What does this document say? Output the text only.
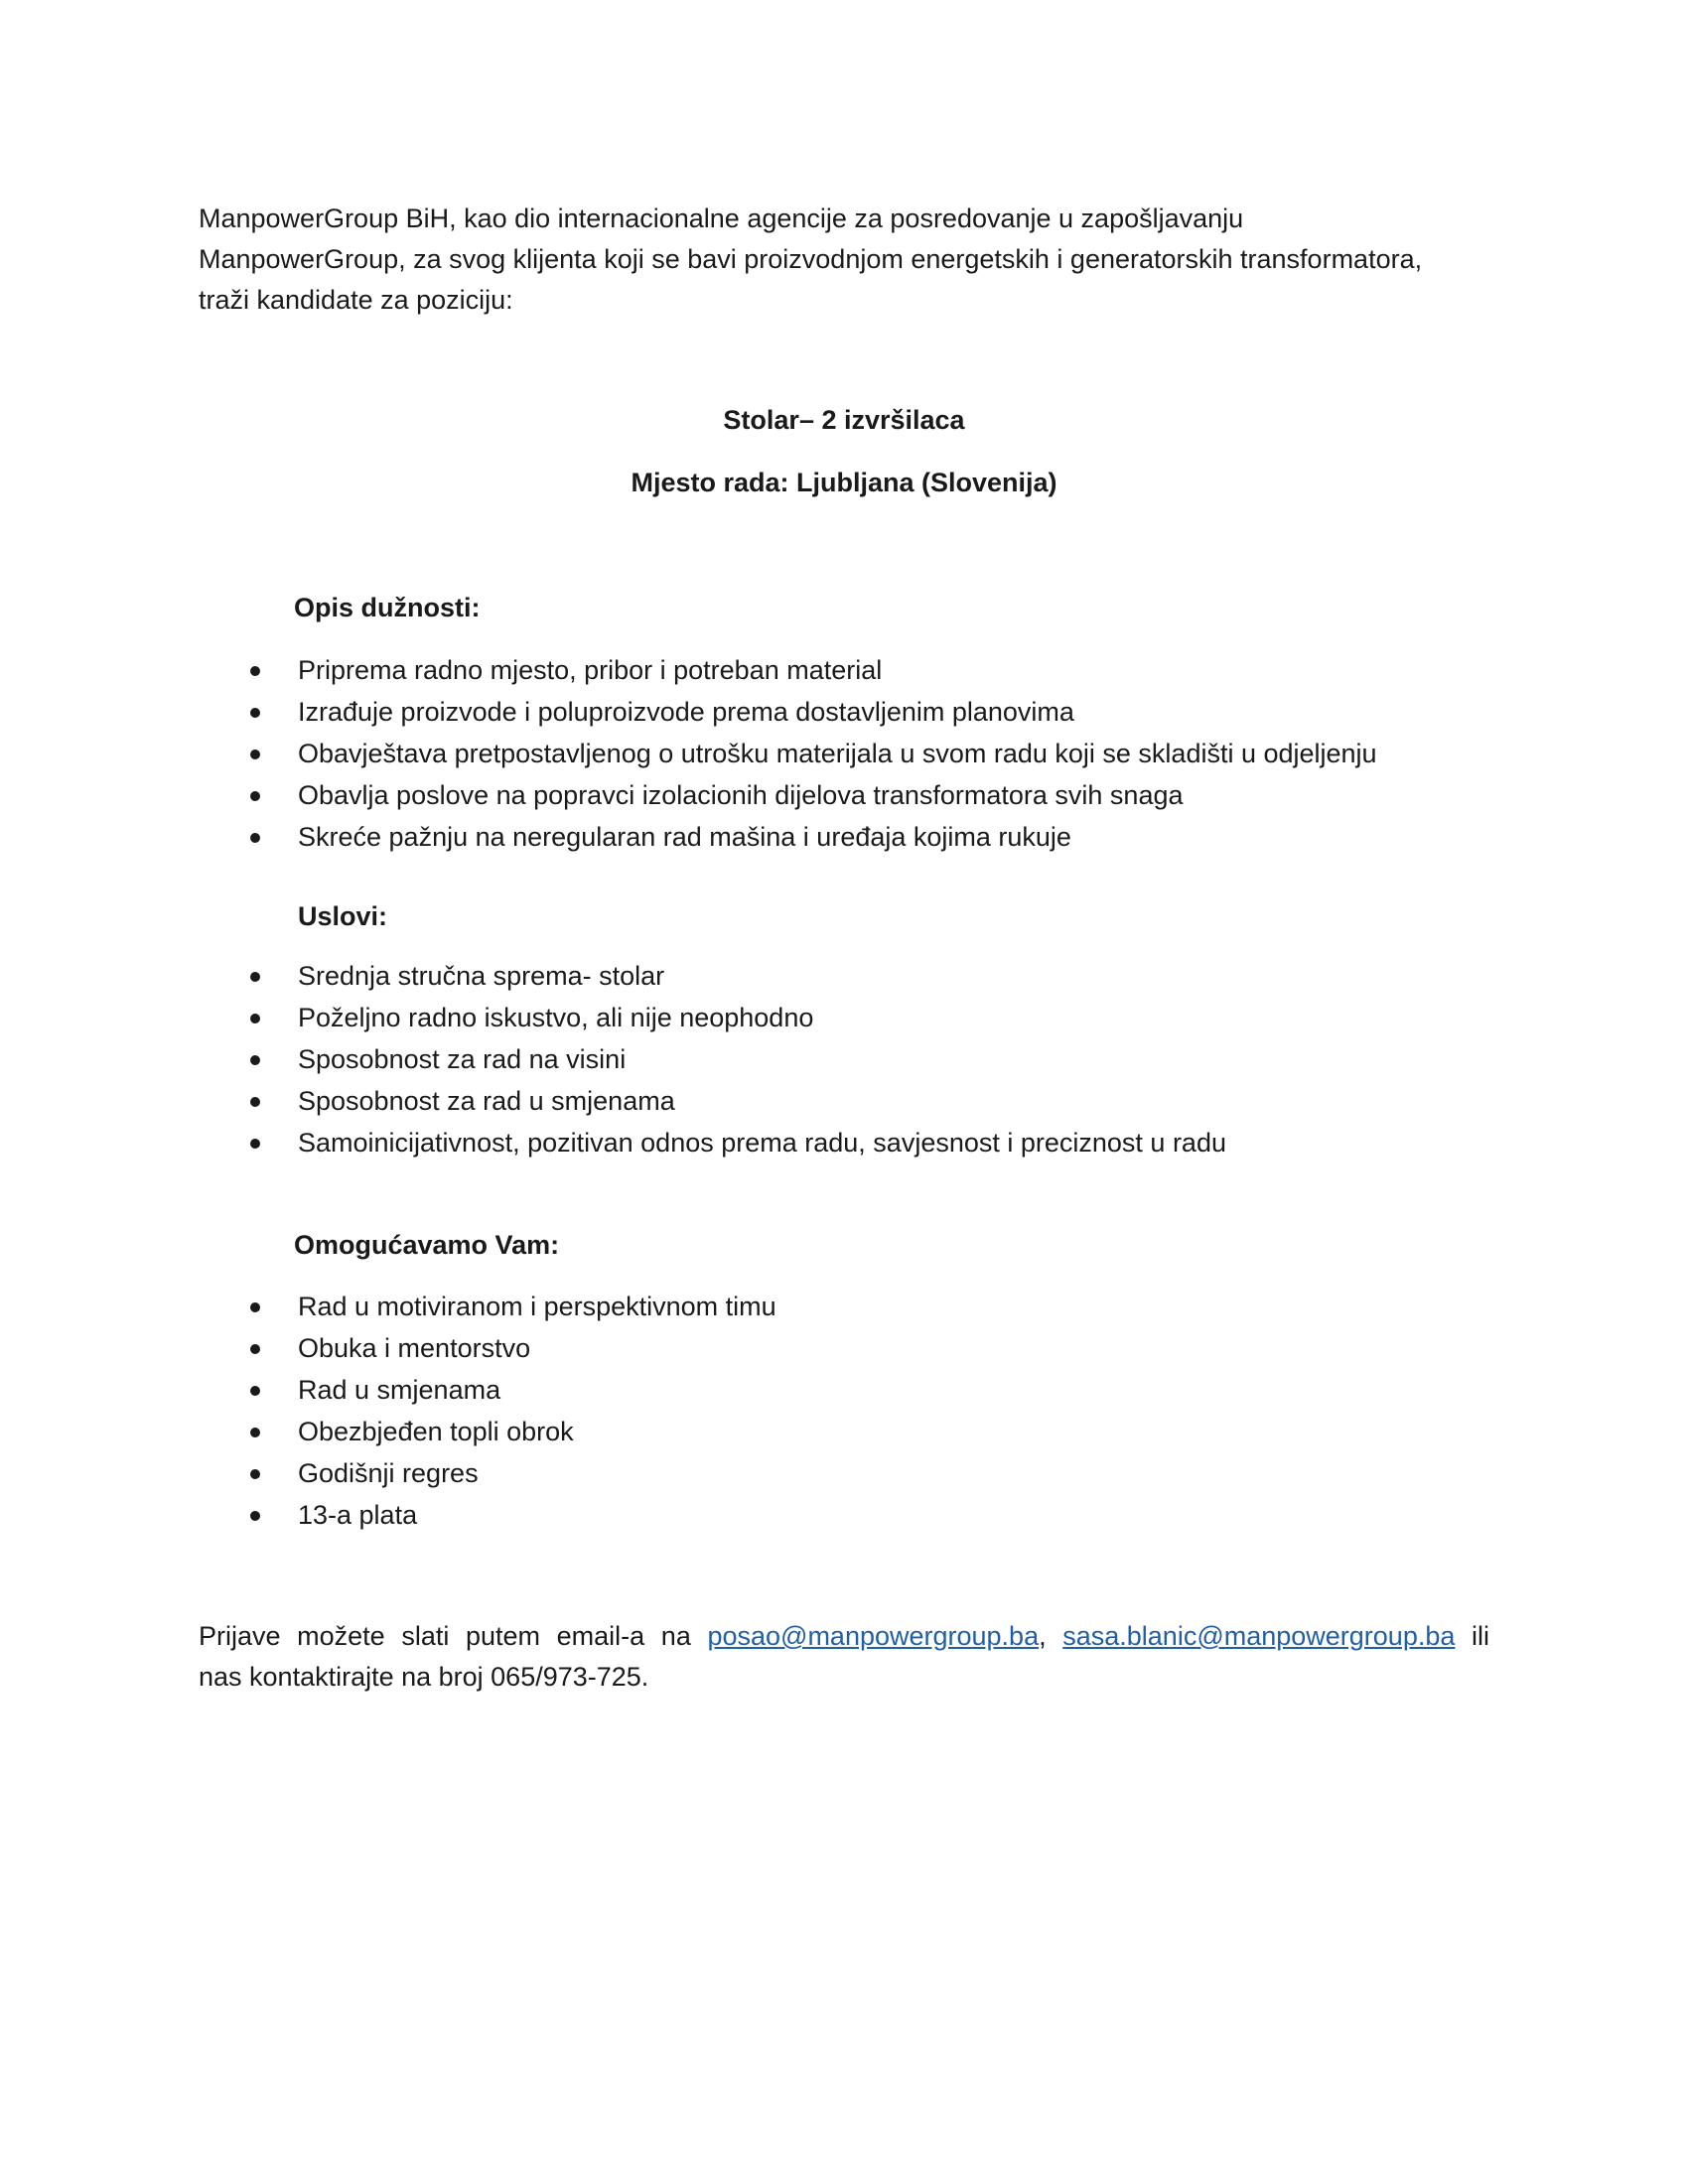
ManpowerGroup BiH, kao dio internacionalne agencije za posredovanje u zapošljavanju
ManpowerGroup, za svog klijenta koji se bavi proizvodnjom energetskih i generatorskih transformatora,
traži kandidate za poziciju:

Stolar– 2 izvršilaca
Mjesto rada: Ljubljana (Slovenija)
Opis dužnosti:
Priprema radno mjesto, pribor i potreban material
Izrađuje proizvode i poluproizvode prema dostavljenim planovima
Obavještava pretpostavljenog o utrošku materijala u svom radu koji se skladišti u odjeljenju
Obavlja poslove na popravci izolacionih dijelova transformatora svih snaga
Skreće pažnju na neregularan rad mašina i uređaja kojima rukuje
Uslovi:
Srednja stručna sprema- stolar
Poželjno radno iskustvo, ali nije neophodno
Sposobnost za rad na visini
Sposobnost za rad u smjenama
Samoinicijativnost, pozitivan odnos prema radu, savjesnost i preciznost u radu
Omogućavamo Vam:
Rad u motiviranom i perspektivnom timu
Obuka i mentorstvo
Rad u smjenama
Obezbjeđen topli obrok
Godišnji regres
13-a plata

Prijave možete slati putem email-a na posao@manpowergroup.ba, sasa.blanic@manpowergroup.ba ili
nas kontaktirajte na broj 065/973-725.
